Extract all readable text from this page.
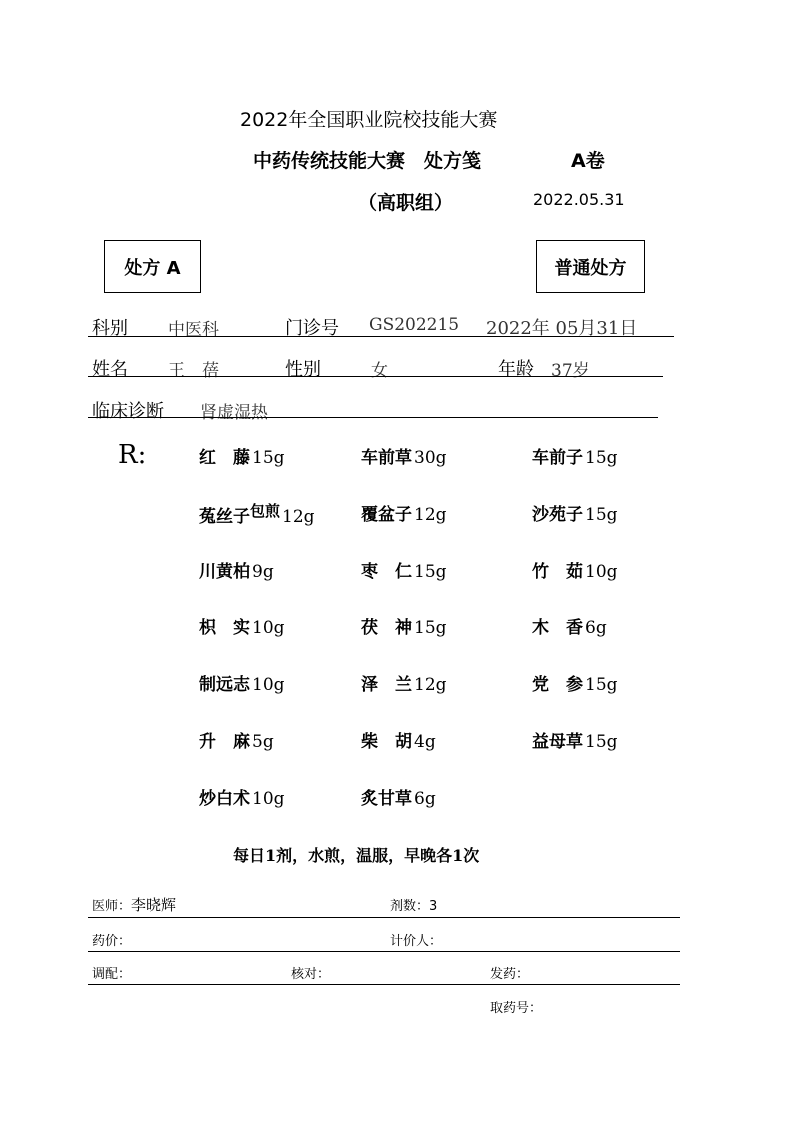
2022年全国职业院校技能大赛
中药传统技能大赛　处方笺	A卷
（高职组）	2022.05.31
处方 A	普通处方
科别 中医科	门诊号 GS202215 2022年 05月31日
姓名 王　蓓	性别	女	年龄 37岁
临床诊断 肾虚湿热
R:	红　藤 15g	车前草 30g	车前子 15g
菟丝子$^{包煎}$ 12g	覆盆子 12g	沙苑子 15g
川黄柏 9g	枣　仁 15g	竹　茹 10g
枳　实 10g	茯　神 15g	木　香 6g
制远志 10g	泽　兰 12g	党　参 15g
升　麻 5g	柴　胡 4g	益母草 15g
炒白术 10g	炙甘草 6g
每日1剂，水煎，温服，早晚各1次
医师：李晓辉	剂数：3
药价：	计价人：
调配：	核对：	发药：
取药号：
